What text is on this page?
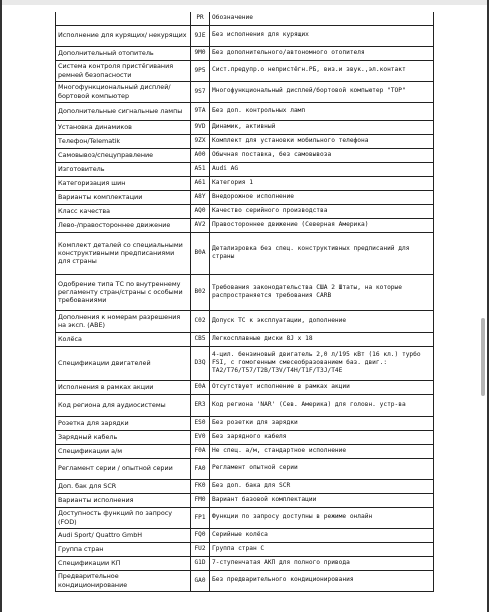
	PR	Обозначение
Исполнение для курящих/ некурящих	9JE	Без исполнения для курящих
Дополнительный отопитель	9M0	Без дополнительного/автономного отопителя
Система контроля пристёгивания ремней безопасности	9P5	Сист.предупр.о непристёгн.РБ, виз.и звук.,эл.контакт
Многофункциональный дисплей/ бортовой компьютер	9S7	Многофункциональный дисплей/бортовой компьютер "TOP"
Дополнительные сигнальные лампы	9TA	Без доп. контрольных ламп
Установка динамиков	9VD	Динамик, активный
Телефон/Telematik	9ZX	Комплект для установки мобильного телефона
Самовывоз/спецуправление	A00	Обычная поставка, без самовывоза
Изготовитель	A51	Audi AG
Категоризация шин	A61	Категория 1
Варианты комплектации	A8Y	Внедорожное исполнение
Класс качества	AQ0	Качество серийного производства
Лево-/правостороннее движение	AV2	Правостороннее движение (Северная Америка)
Комплект деталей со специальными конструктивными предписаниями для страны	B0A	Детализровка без спец. конструктивных предписаний для страны
Одобрение типа ТС по внутреннему регламенту стран/страны с особыми требованиями	B02	Требования законодательства США 2 Штаты, на которые распространяется требования CARB
Дополнения к номерам разрешения на эксп. (АВЕ)	C02	Допуск ТС к эксплуатации, дополнение
Колёса	CB5	Легкосплавные диски 8J x 18
Спецификации двигателей	D3Q	4-цил. бензиновый двигатель 2,0 л/195 кВт (16 кл.) турбо FSI, с гомогенным смесеобразованием баз. двиг.: TA2/T76/T57/T2B/T3V/T4H/T1F/T3J/T4E
Исполнения в рамках акции	E0A	Отсутствует исполнение в рамках акции
Код региона для аудиосистемы	ER3	Код региона 'NAR' (Сев. Америка) для головн. устр-ва
Розетка для зарядки	ES0	Без розетки для зарядки
Зарядный кабель	EV0	Без зарядного кабеля
Спецификации а/м	F0A	Не спец. а/м, стандартное исполнение
Регламент серии / опытной серии	FA0	Регламент опытной серии
Доп. бак для SCR	FK0	Без доп. бака для SCR
Варианты исполнения	FM0	Вариант базовой комплектации
Доступность функций по запросу (FOD)	FP1	Функции по запросу доступны в режиме онлайн
Audi Sport/ Quattro GmbH	FQ0	Серийные колёса
Группа стран	FU2	Группа стран C
Спецификации КП	G1D	7-ступенчатая АКП для полного привода
Предварительное кондиционирование	GA0	Без предварительного кондиционирования
